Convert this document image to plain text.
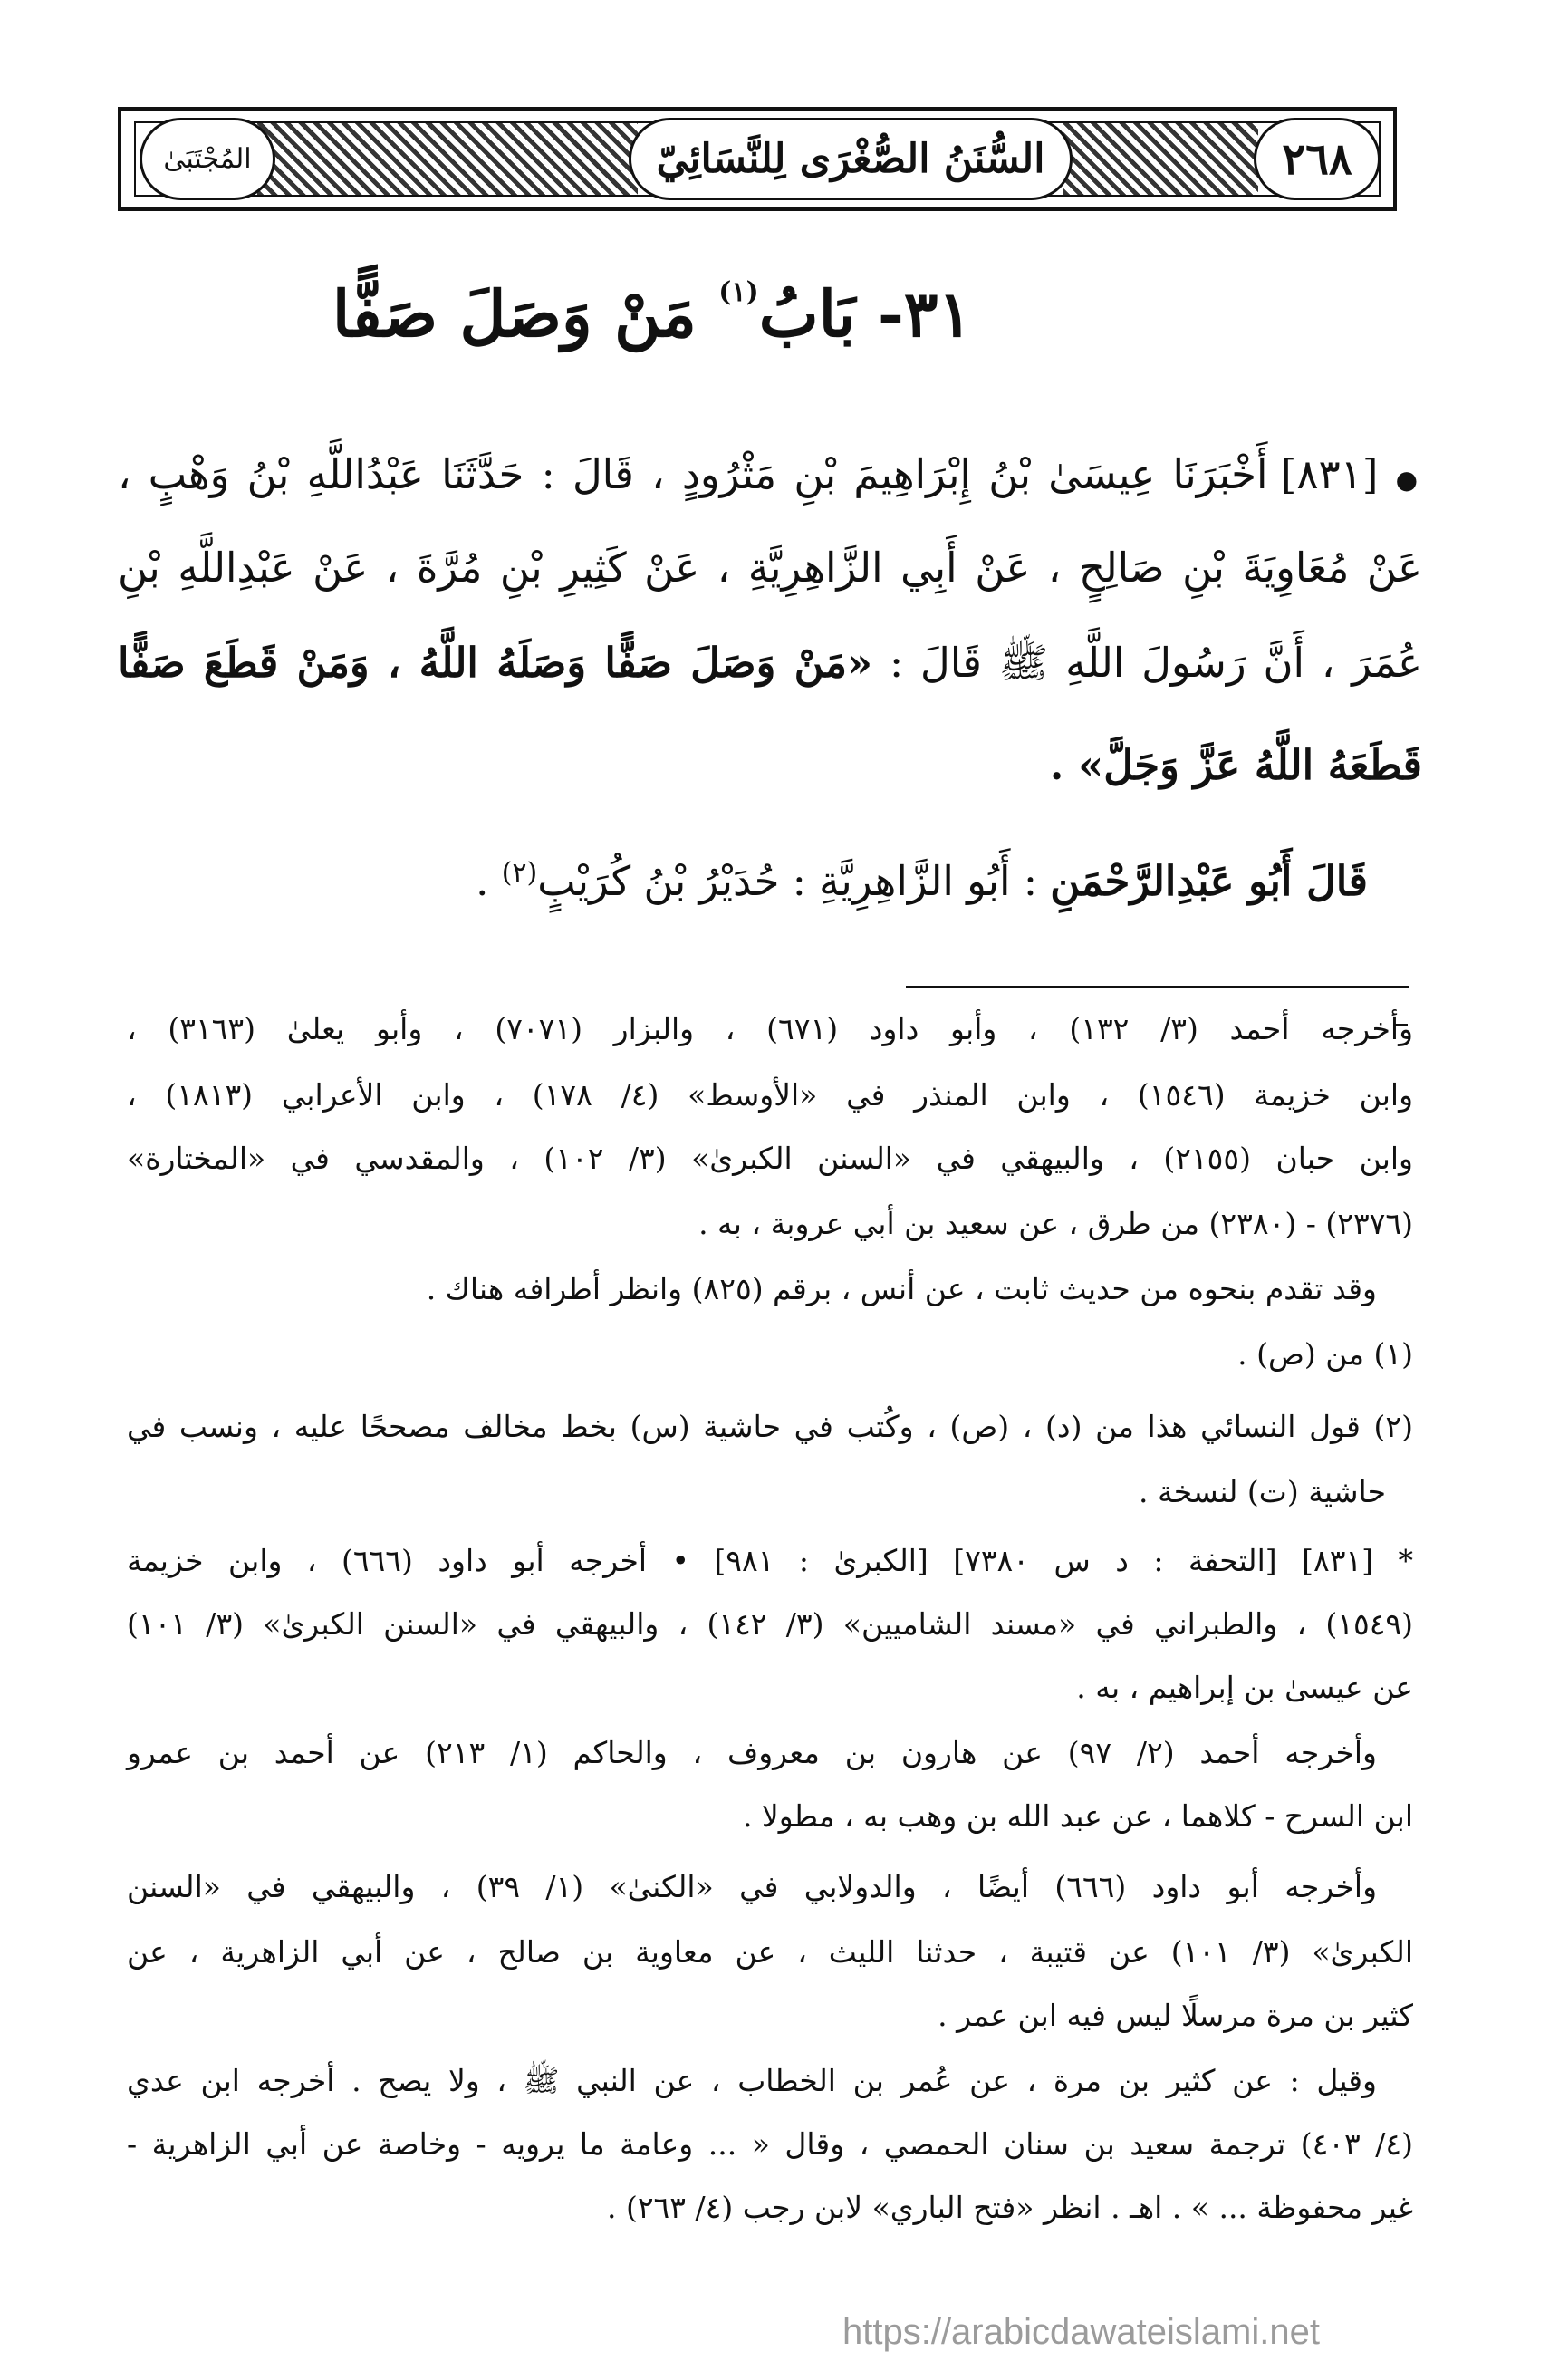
المُجْتَبَىٰ	السُّنَنُ الصُّغْرَى لِلنَّسَائِيّ	٢٦٨
٣١- بَابُ$^{(١)}$ مَنْ وَصَلَ صَفًّا
● [٨٣١] أَخْبَرَنَا عِيسَىٰ بْنُ إِبْرَاهِيمَ بْنِ مَثْرُودٍ ، قَالَ : حَدَّثَنَا عَبْدُاللَّهِ بْنُ وَهْبٍ ،
عَنْ مُعَاوِيَةَ بْنِ صَالِحٍ ، عَنْ أَبِي الزَّاهِرِيَّةِ ، عَنْ كَثِيرِ بْنِ مُرَّةَ ، عَنْ عَبْدِاللَّهِ بْنِ
عُمَرَ ، أَنَّ رَسُولَ اللَّهِ ﷺ قَالَ : «مَنْ وَصَلَ صَفًّا وَصَلَهُ اللَّهُ ، وَمَنْ قَطَعَ صَفًّا
قَطَعَهُ اللَّهُ عَزَّ وَجَلَّ» .
قَالَ أَبُو عَبْدِالرَّحْمَنِ : أَبُو الزَّاهِرِيَّةِ : حُدَيْرُ بْنُ كُرَيْبٍ$^{(٢)}$ .
وأخرجه أحمد (٣/ ١٣٢) ، وأبو داود (٦٧١) ، والبزار (٧٠٧١) ، وأبو يعلىٰ (٣١٦٣) ،
وابن خزيمة (١٥٤٦) ، وابن المنذر في «الأوسط» (٤/ ١٧٨) ، وابن الأعرابي (١٨١٣) ،
وابن حبان (٢١٥٥) ، والبيهقي في «السنن الكبرىٰ» (٣/ ١٠٢) ، والمقدسي في «المختارة»
(٢٣٧٦) - (٢٣٨٠) من طرق ، عن سعيد بن أبي عروبة ، به .
وقد تقدم بنحوه من حديث ثابت ، عن أنس ، برقم (٨٢٥) وانظر أطرافه هناك .
(١) من (ص) .
(٢) قول النسائي هذا من (د) ، (ص) ، وكُتب في حاشية (س) بخط مخالف مصححًا عليه ، ونسب في
حاشية (ت) لنسخة .
* [٨٣١] [التحفة : د س ٧٣٨٠] [الكبرىٰ : ٩٨١] • أخرجه أبو داود (٦٦٦) ، وابن خزيمة
(١٥٤٩) ، والطبراني في «مسند الشاميين» (٣/ ١٤٢) ، والبيهقي في «السنن الكبرىٰ» (٣/ ١٠١)
عن عيسىٰ بن إبراهيم ، به .
وأخرجه أحمد (٢/ ٩٧) عن هارون بن معروف ، والحاكم (١/ ٢١٣) عن أحمد بن عمرو
ابن السرح - كلاهما ، عن عبد الله بن وهب به ، مطولا .
وأخرجه أبو داود (٦٦٦) أيضًا ، والدولابي في «الكنىٰ» (١/ ٣٩) ، والبيهقي في «السنن
الكبرىٰ» (٣/ ١٠١) عن قتيبة ، حدثنا الليث ، عن معاوية بن صالح ، عن أبي الزاهرية ، عن
كثير بن مرة مرسلًا ليس فيه ابن عمر .
وقيل : عن كثير بن مرة ، عن عُمر بن الخطاب ، عن النبي ﷺ ، ولا يصح . أخرجه ابن عدي
(٤/ ٤٠٣) ترجمة سعيد بن سنان الحمصي ، وقال « ... وعامة ما يرويه - وخاصة عن أبي الزاهرية -
غير محفوظة ... » . اهـ . انظر «فتح الباري» لابن رجب (٤/ ٢٦٣) .
https://arabicdawateislami.net
